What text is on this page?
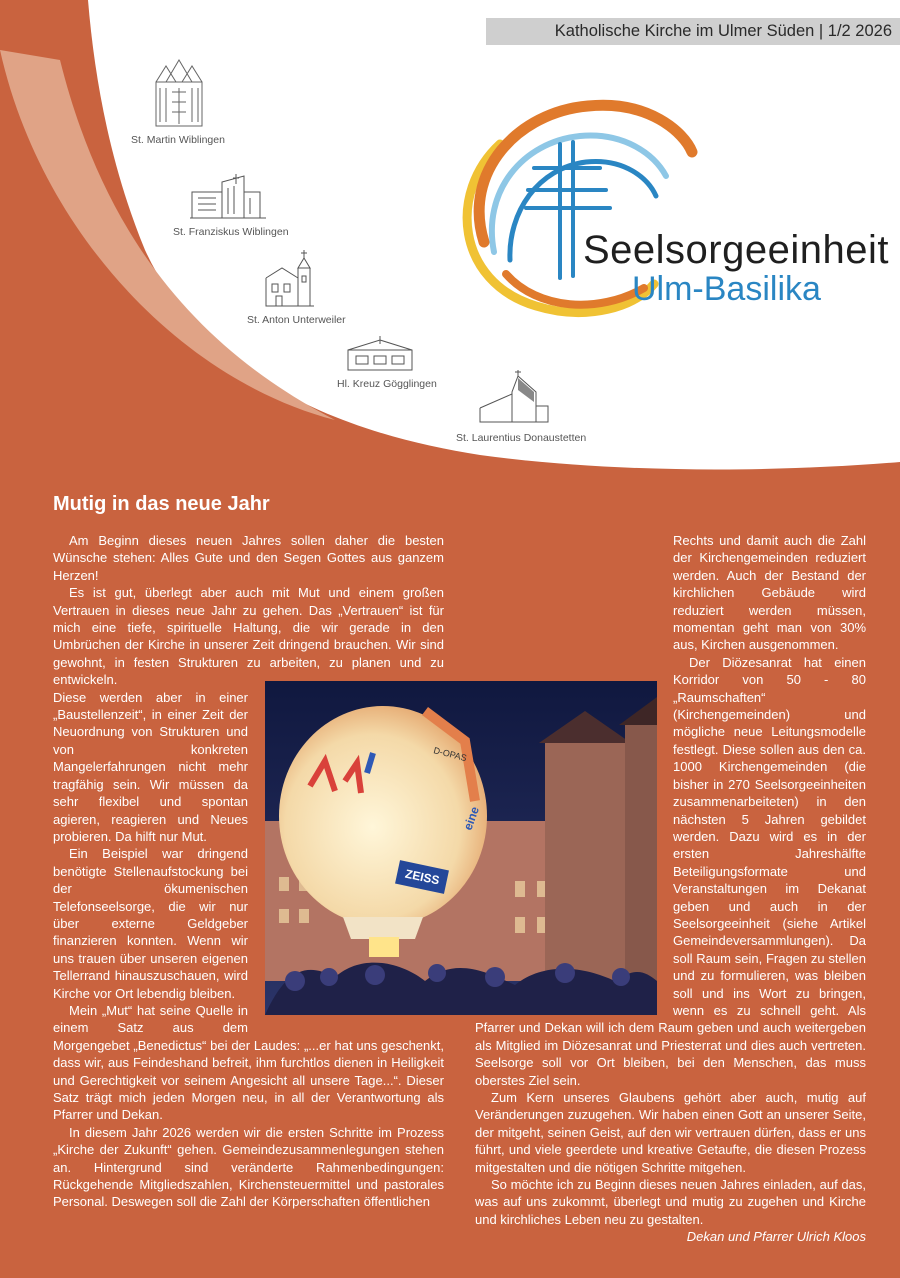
Katholische Kirche im Ulmer Süden | 1/2 2026
St. Martin Wiblingen
St. Franziskus Wiblingen
St. Anton Unterweiler
Hl. Kreuz Gögglingen
St. Laurentius Donaustetten
Seelsorgeeinheit
Ulm-Basilika
Mutig in das neue Jahr

Am Beginn dieses neuen Jahres sollen daher die besten Wünsche stehen: Alles Gute und den Segen Gottes aus ganzem Herzen!

Es ist gut, überlegt aber auch mit Mut und einem großen Vertrauen in dieses neue Jahr zu gehen. Das „Vertrauen“ ist für mich eine tiefe, spirituelle Haltung, die wir gerade in den Umbrüchen der Kirche in unserer Zeit dringend brauchen. Wir sind gewohnt, in festen Strukturen zu arbeiten, zu planen und zu entwickeln.

Diese werden aber in einer „Baustellenzeit“, in einer Zeit der Neuordnung von Strukturen und von konkreten Mangelerfahrungen nicht mehr tragfähig sein. Wir müssen da sehr flexibel und spontan agieren, reagieren und Neues probieren. Da hilft nur Mut.

Ein Beispiel war dringend benötigte Stellenaufstockung bei der ökumenischen Telefonseelsorge, die wir nur über externe Geldgeber finanzieren konnten. Wenn wir uns trauen über unseren eigenen Tellerrand hinauszuschauen, wird Kirche vor Ort lebendig bleiben.

Mein „Mut“ hat seine Quelle in einem Satz aus dem Morgengebet „Benedictus“ bei der Laudes: „...er hat uns geschenkt, dass wir, aus Feindeshand befreit, ihm furchtlos dienen in Heiligkeit und Gerechtigkeit vor seinem Angesicht all unsere Tage...“. Dieser Satz trägt mich jeden Morgen neu, in all der Verantwortung als Pfarrer und Dekan.

In diesem Jahr 2026 werden wir die ersten Schritte im Prozess „Kirche der Zukunft“ gehen. Gemeindezusammenlegungen stehen an. Hintergrund sind veränderte Rahmenbedingungen: Rückgehende Mitgliedszahlen, Kirchensteuermittel und pastorales Personal. Deswegen soll die Zahl der Körperschaften öffentlichen

Rechts und damit auch die Zahl der Kirchengemeinden reduziert werden. Auch der Bestand der kirchlichen Gebäude wird reduziert werden müssen, momentan geht man von 30% aus, Kirchen ausgenommen.

Der Diözesanrat hat einen Korridor von 50 - 80 „Raumschaften“ (Kirchengemeinden) und mögliche neue Leitungsmodelle festlegt. Diese sollen aus den ca. 1000 Kirchengemeinden (die bisher in 270 Seelsorgeeinheiten zusammenarbeiteten) in den nächsten 5 Jahren gebildet werden. Dazu wird es in der ersten Jahreshälfte Beteiligungsformate und Veranstaltungen im Dekanat geben und auch in der Seelsorgeeinheit (siehe Artikel Gemeindeversammlungen). Da soll Raum sein, Fragen zu stellen und zu formulieren, was bleiben soll und ins Wort zu bringen, wenn es zu schnell geht. Als Pfarrer und Dekan will ich dem Raum geben und auch weitergeben als Mitglied im Diözesanrat und Priesterrat und dies auch vertreten. Seelsorge soll vor Ort bleiben, bei den Menschen, das muss oberstes Ziel sein.

Zum Kern unseres Glaubens gehört aber auch, mutig auf Veränderungen zuzugehen. Wir haben einen Gott an unserer Seite, der mitgeht, seinen Geist, auf den wir vertrauen dürfen, dass er uns führt, und viele geerdete und kreative Getaufte, die diesen Prozess mitgestalten und die nötigen Schritte mitgehen.

So möchte ich zu Beginn dieses neuen Jahres einladen, auf das, was auf uns zukommt, überlegt und mutig zu zugehen und Kirche und kirchliches Leben neu zu gestalten.

Dekan und Pfarrer Ulrich Kloos

ZEISS
D-OPAS
eine
